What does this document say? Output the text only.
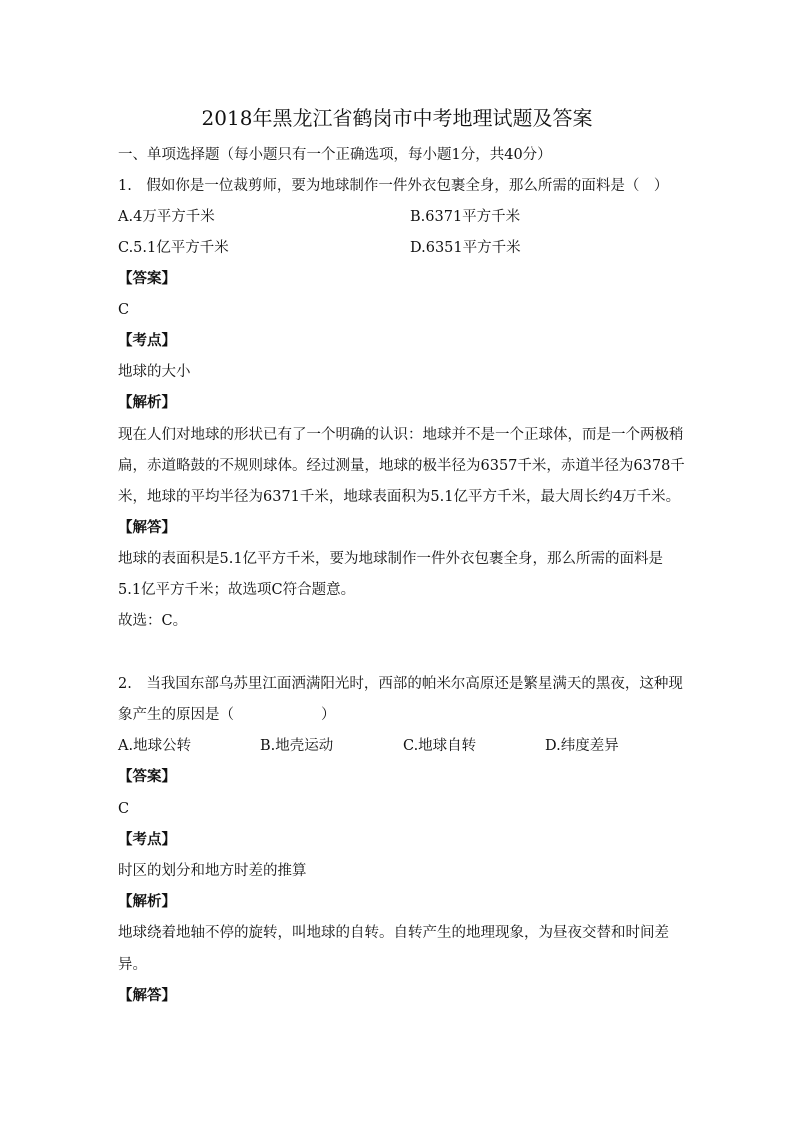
2018年黑龙江省鹤岗市中考地理试题及答案
一、单项选择题（每小题只有一个正确选项，每小题1分，共40分）
1.　假如你是一位裁剪师，要为地球制作一件外衣包裹全身，那么所需的面料是（　）
A.4万平方千米	B.6371平方千米
C.5.1亿平方千米	D.6351平方千米
【答案】
C
【考点】
地球的大小
【解析】
现在人们对地球的形状已有了一个明确的认识：地球并不是一个正球体，而是一个两极稍
扁，赤道略鼓的不规则球体。经过测量，地球的极半径为6357千米，赤道半径为6378千
米，地球的平均半径为6371千米，地球表面积为5.1亿平方千米，最大周长约4万千米。
【解答】
地球的表面积是5.1亿平方千米，要为地球制作一件外衣包裹全身，那么所需的面料是
5.1亿平方千米；故选项C符合题意。
故选：C。
2.　当我国东部乌苏里江面洒满阳光时，西部的帕米尔高原还是繁星满天的黑夜，这种现
象产生的原因是（　　　　　　）
A.地球公转	B.地壳运动	C.地球自转	D.纬度差异
【答案】
C
【考点】
时区的划分和地方时差的推算
【解析】
地球绕着地轴不停的旋转，叫地球的自转。自转产生的地理现象，为昼夜交替和时间差
异。
【解答】
